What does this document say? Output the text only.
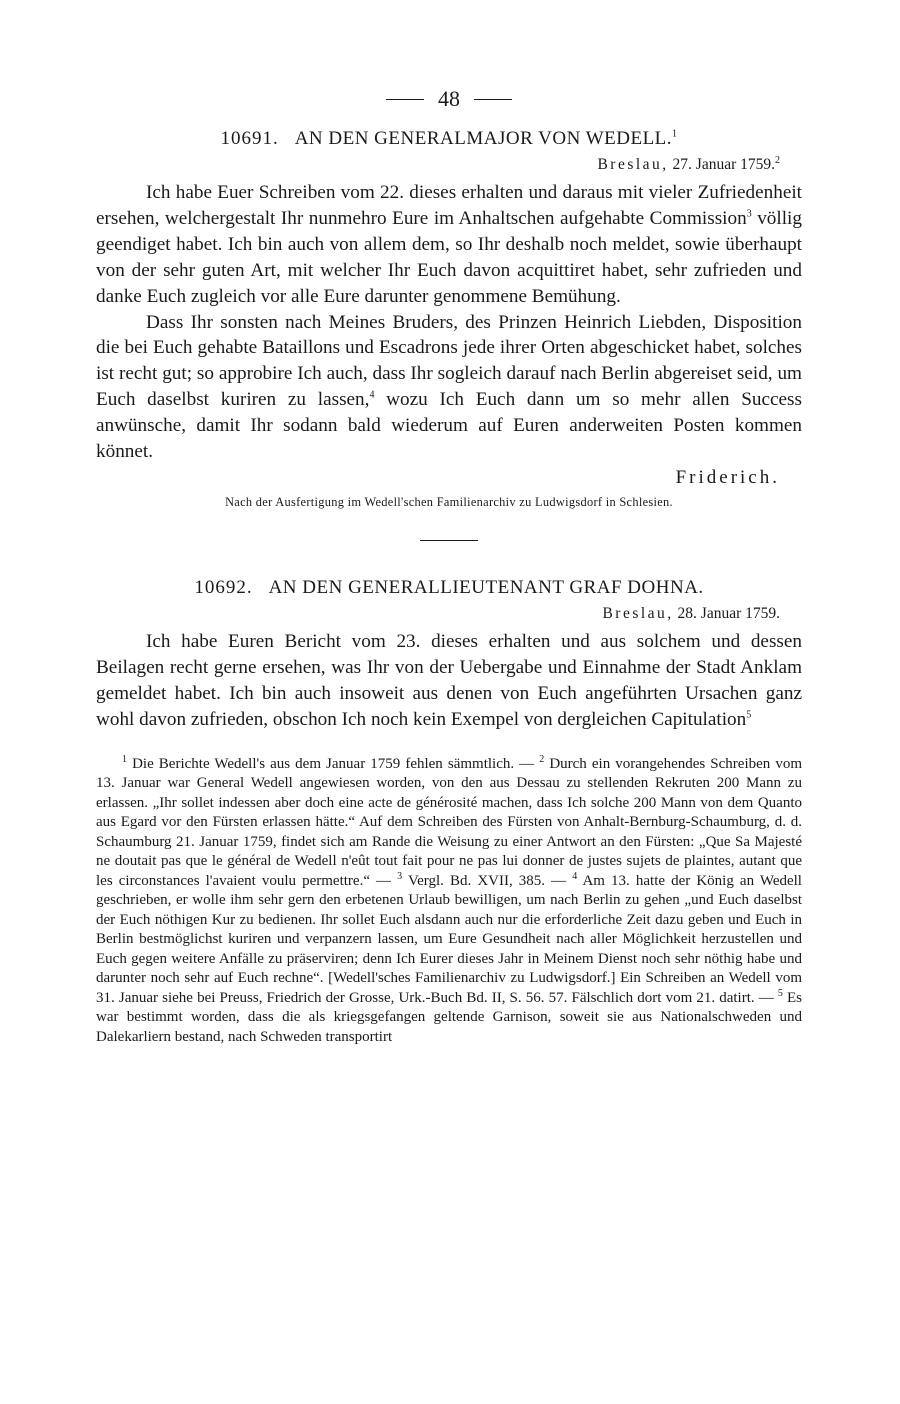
48
10691. AN DEN GENERALMAJOR VON WEDELL.$^1$
Breslau, 27. Januar 1759.$^2$

Ich habe Euer Schreiben vom 22. dieses erhalten und daraus mit vieler Zufriedenheit ersehen, welchergestalt Ihr nunmehro Eure im Anhaltschen aufgehabte Commission$^3$ völlig geendiget habet. Ich bin auch von allem dem, so Ihr deshalb noch meldet, sowie überhaupt von der sehr guten Art, mit welcher Ihr Euch davon acquittiret habet, sehr zufrieden und danke Euch zugleich vor alle Eure darunter genommene Bemühung.

Dass Ihr sonsten nach Meines Bruders, des Prinzen Heinrich Liebden, Disposition die bei Euch gehabte Bataillons und Escadrons jede ihrer Orten abgeschicket habet, solches ist recht gut; so approbire Ich auch, dass Ihr sogleich darauf nach Berlin abgereiset seid, um Euch daselbst kuriren zu lassen,$^4$ wozu Ich Euch dann um so mehr allen Success anwünsche, damit Ihr sodann bald wiederum auf Euren anderweiten Posten kommen könnet.

Friderich.
Nach der Ausfertigung im Wedell'schen Familienarchiv zu Ludwigsdorf in Schlesien.
10692. AN DEN GENERALLIEUTENANT GRAF DOHNA.
Breslau, 28. Januar 1759.

Ich habe Euren Bericht vom 23. dieses erhalten und aus solchem und dessen Beilagen recht gerne ersehen, was Ihr von der Uebergabe und Einnahme der Stadt Anklam gemeldet habet. Ich bin auch insoweit aus denen von Euch angeführten Ursachen ganz wohl davon zufrieden, obschon Ich noch kein Exempel von dergleichen Capitulation$^5$

$^1$ Die Berichte Wedell's aus dem Januar 1759 fehlen sämmtlich. — $^2$ Durch ein vorangehendes Schreiben vom 13. Januar war General Wedell angewiesen worden, von den aus Dessau zu stellenden Rekruten 200 Mann zu erlassen. „Ihr sollet indessen aber doch eine acte de générosité machen, dass Ich solche 200 Mann von dem Quanto aus Egard vor den Fürsten erlassen hätte.“ Auf dem Schreiben des Fürsten von Anhalt-Bernburg-Schaumburg, d. d. Schaumburg 21. Januar 1759, findet sich am Rande die Weisung zu einer Antwort an den Fürsten: „Que Sa Majesté ne doutait pas que le général de Wedell n'eût tout fait pour ne pas lui donner de justes sujets de plaintes, autant que les circonstances l'avaient voulu permettre.“ — $^3$ Vergl. Bd. XVII, 385. — $^4$ Am 13. hatte der König an Wedell geschrieben, er wolle ihm sehr gern den erbetenen Urlaub bewilligen, um nach Berlin zu gehen „und Euch daselbst der Euch nöthigen Kur zu bedienen. Ihr sollet Euch alsdann auch nur die erforderliche Zeit dazu geben und Euch in Berlin bestmöglichst kuriren und verpanzern lassen, um Eure Gesundheit nach aller Möglichkeit herzustellen und Euch gegen weitere Anfälle zu präserviren; denn Ich Eurer dieses Jahr in Meinem Dienst noch sehr nöthig habe und darunter noch sehr auf Euch rechne“. [Wedell'sches Familienarchiv zu Ludwigsdorf.] Ein Schreiben an Wedell vom 31. Januar siehe bei Preuss, Friedrich der Grosse, Urk.-Buch Bd. II, S. 56. 57. Fälschlich dort vom 21. datirt. — $^5$ Es war bestimmt worden, dass die als kriegsgefangen geltende Garnison, soweit sie aus Nationalschweden und Dalekarliern bestand, nach Schweden transportirt
